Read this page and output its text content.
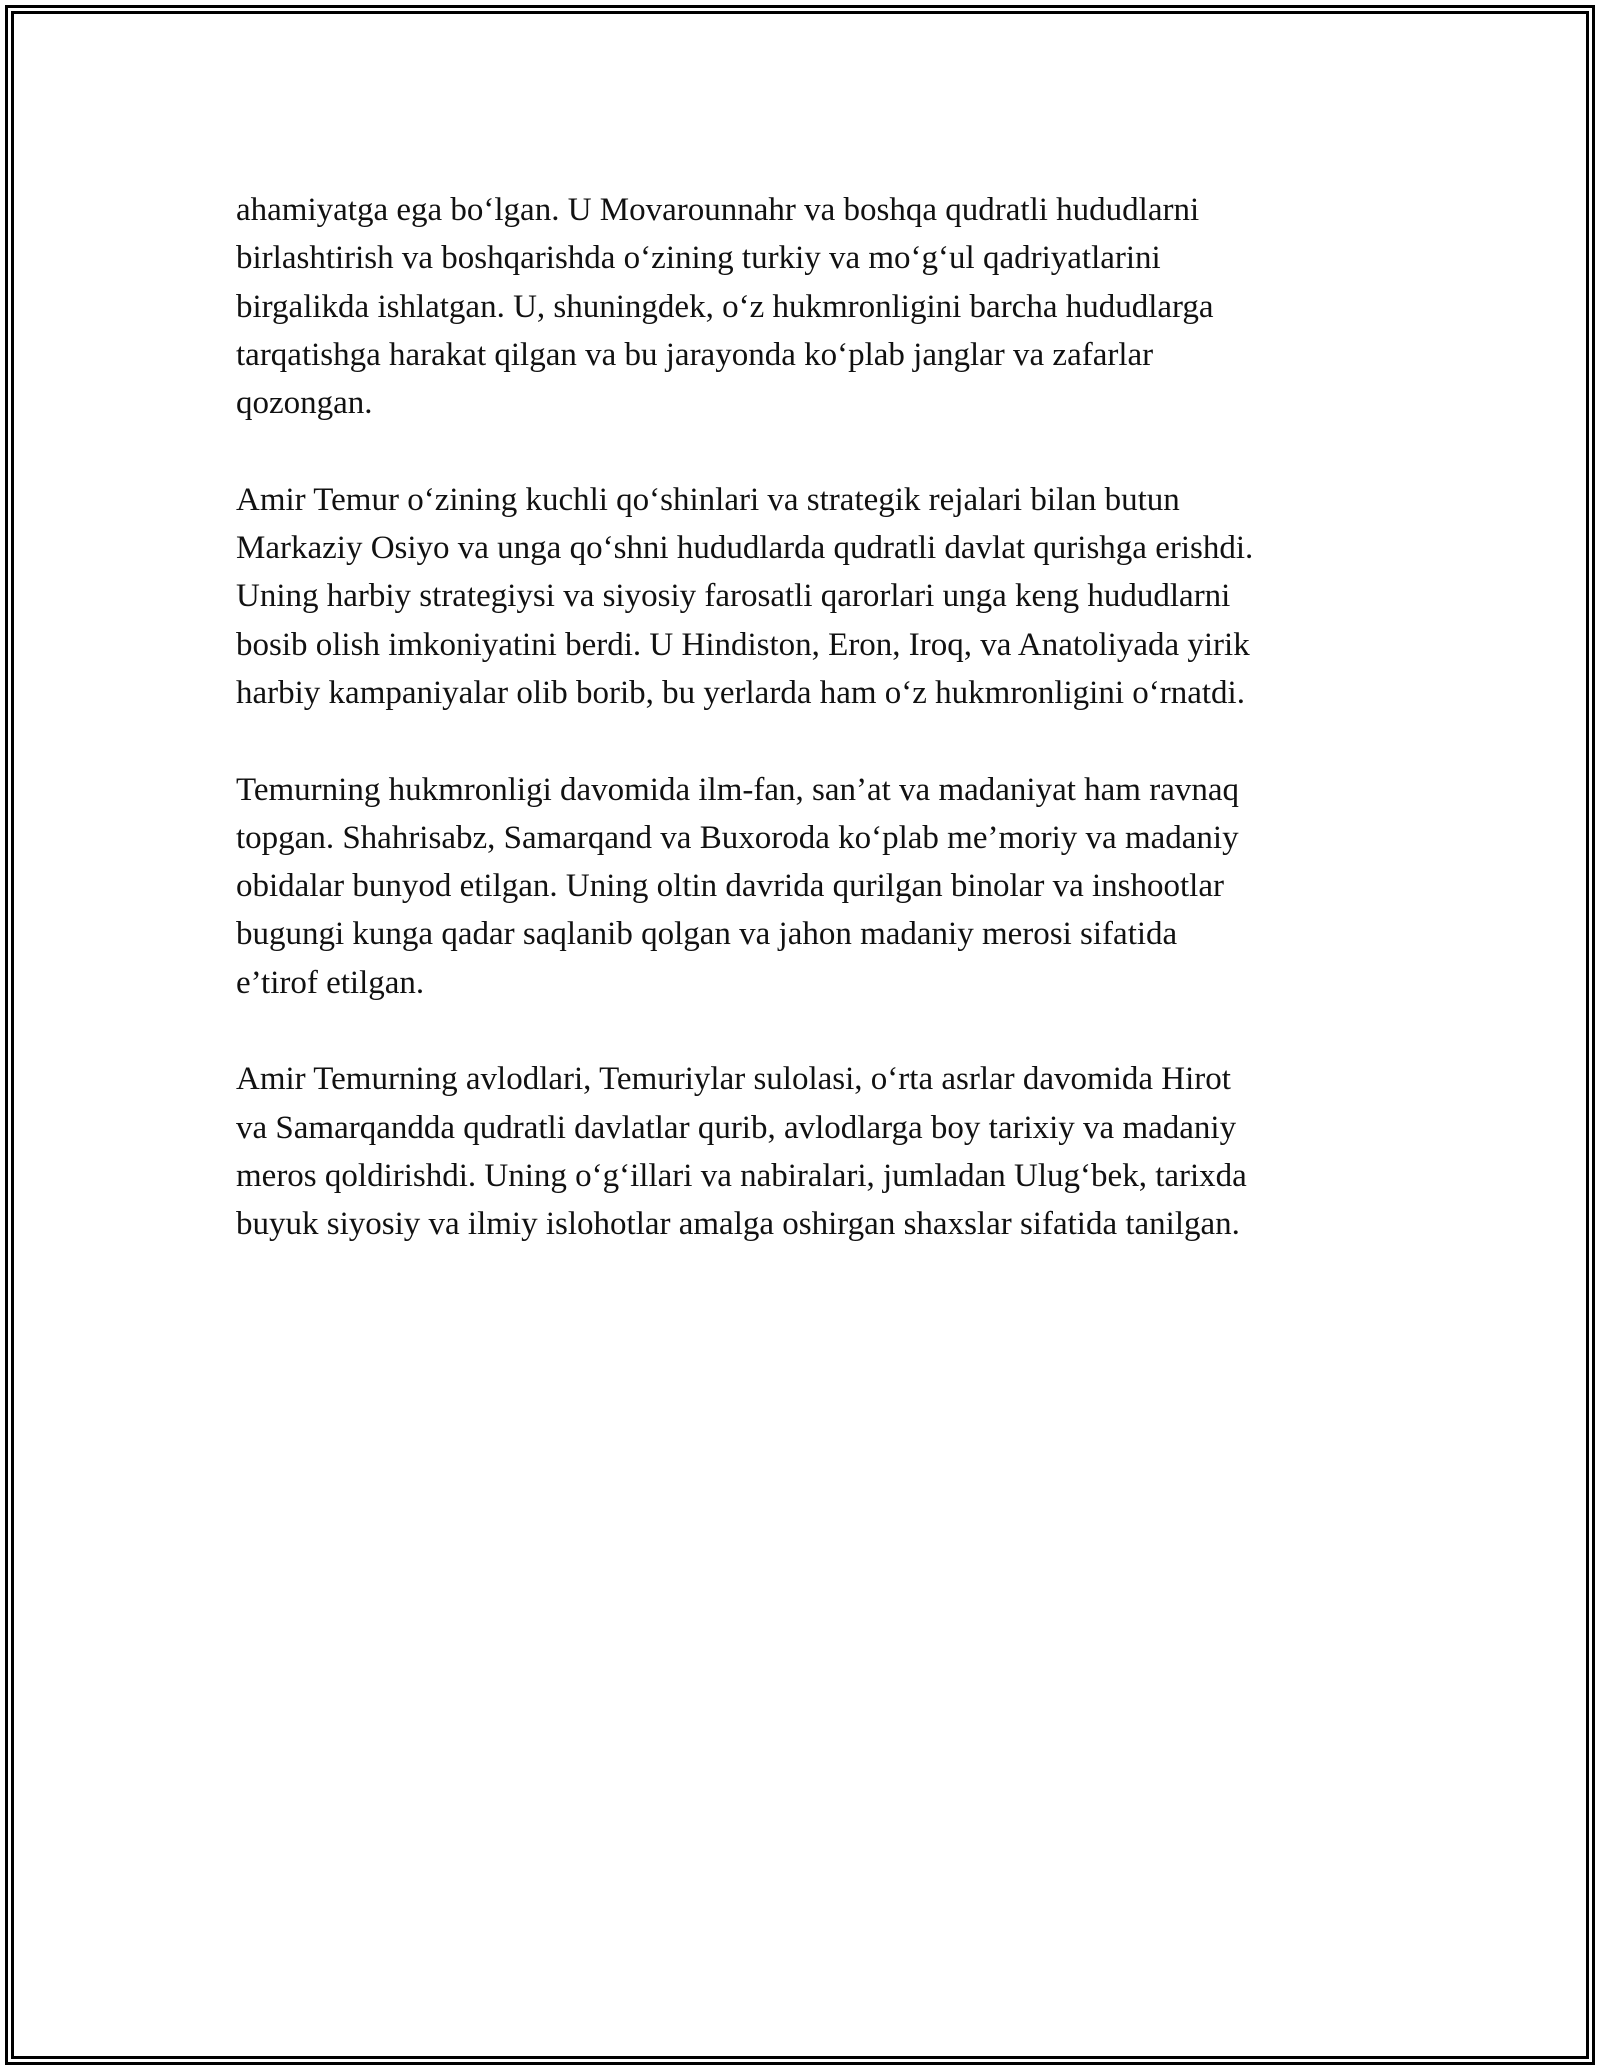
ahamiyatga ega bo‘lgan. U Movarounnahr va boshqa qudratli hududlarni
birlashtirish va boshqarishda o‘zining turkiy va mo‘g‘ul qadriyatlarini
birgalikda ishlatgan. U, shuningdek, o‘z hukmronligini barcha hududlarga
tarqatishga harakat qilgan va bu jarayonda ko‘plab janglar va zafarlar
qozongan.

Amir Temur o‘zining kuchli qo‘shinlari va strategik rejalari bilan butun
Markaziy Osiyo va unga qo‘shni hududlarda qudratli davlat qurishga erishdi.
Uning harbiy strategiysi va siyosiy farosatli qarorlari unga keng hududlarni
bosib olish imkoniyatini berdi. U Hindiston, Eron, Iroq, va Anatoliyada yirik
harbiy kampaniyalar olib borib, bu yerlarda ham o‘z hukmronligini o‘rnatdi.

Temurning hukmronligi davomida ilm-fan, san’at va madaniyat ham ravnaq
topgan. Shahrisabz, Samarqand va Buxoroda ko‘plab me’moriy va madaniy
obidalar bunyod etilgan. Uning oltin davrida qurilgan binolar va inshootlar
bugungi kunga qadar saqlanib qolgan va jahon madaniy merosi sifatida
e’tirof etilgan.

Amir Temurning avlodlari, Temuriylar sulolasi, o‘rta asrlar davomida Hirot
va Samarqandda qudratli davlatlar qurib, avlodlarga boy tarixiy va madaniy
meros qoldirishdi. Uning o‘g‘illari va nabiralari, jumladan Ulug‘bek, tarixda
buyuk siyosiy va ilmiy islohotlar amalga oshirgan shaxslar sifatida tanilgan.
